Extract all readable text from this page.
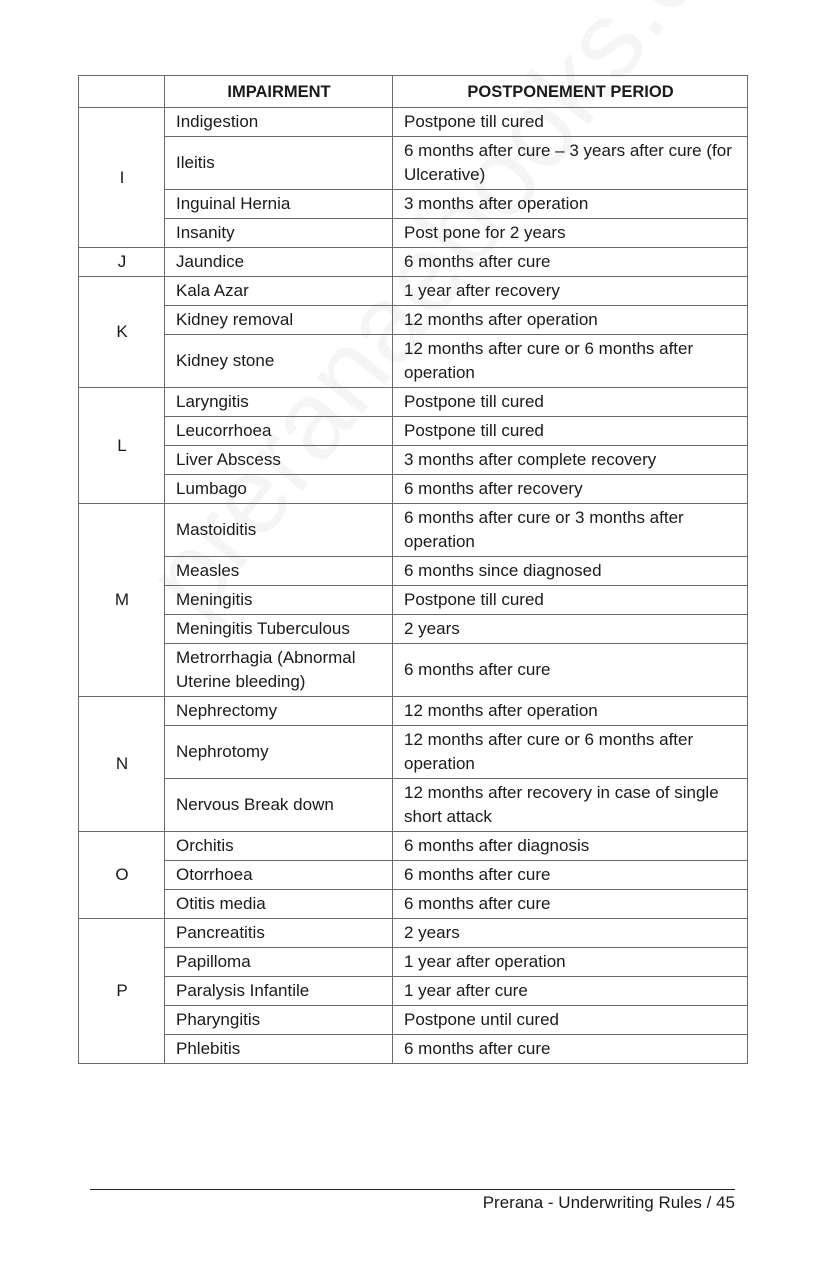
	IMPAIRMENT	POSTPONEMENT PERIOD
I	Indigestion	Postpone till cured
	Ileitis	6 months after cure – 3 years after cure (for Ulcerative)
	Inguinal Hernia	3 months after operation
	Insanity	Post pone for 2 years
J	Jaundice	6 months after cure
K	Kala Azar	1 year after recovery
	Kidney removal	12 months after operation
	Kidney stone	12 months after cure or 6 months after operation
L	Laryngitis	Postpone till cured
	Leucorrhoea	Postpone till cured
	Liver Abscess	3 months after complete recovery
	Lumbago	6 months after recovery
M	Mastoiditis	6 months after cure or 3 months after operation
	Measles	6 months since diagnosed
	Meningitis	Postpone till cured
	Meningitis Tuberculous	2 years
	Metrorrhagia (Abnormal Uterine bleeding)	6 months after cure
N	Nephrectomy	12 months after operation
	Nephrotomy	12 months after cure or 6 months after operation
	Nervous Break down	12 months after recovery in case of single short attack
O	Orchitis	6 months after diagnosis
	Otorrhoea	6 months after cure
	Otitis media	6 months after cure
P	Pancreatitis	2 years
	Papilloma	1 year after operation
	Paralysis Infantile	1 year after cure
	Pharyngitis	Postpone until cured
	Phlebitis	6 months after cure
Prerana - Underwriting Rules / 45
